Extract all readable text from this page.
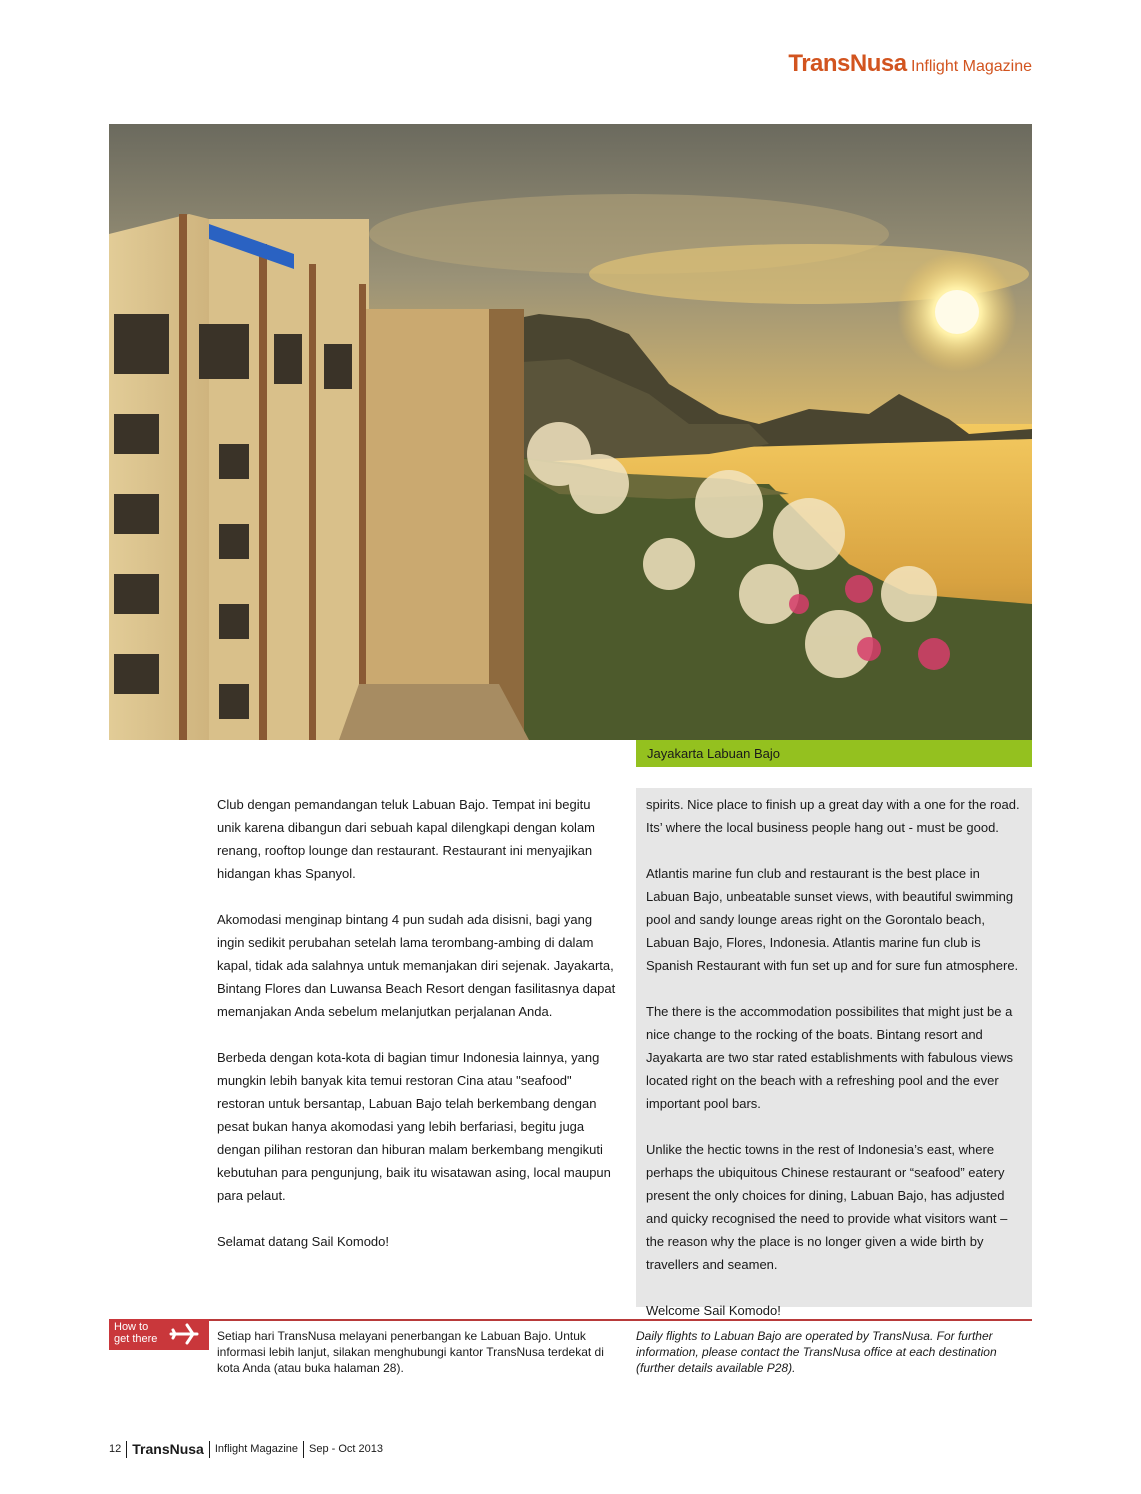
TransNusa Inflight Magazine
Jayakarta Labuan Bajo

Club dengan pemandangan teluk Labuan Bajo. Tempat ini begitu unik karena dibangun dari sebuah kapal dilengkapi dengan kolam renang, rooftop lounge dan restaurant. Restaurant ini menyajikan hidangan khas Spanyol.

Akomodasi menginap bintang 4 pun sudah ada disisni, bagi yang ingin sedikit perubahan setelah lama terombang-ambing di dalam kapal, tidak ada salahnya untuk memanjakan diri sejenak. Jayakarta, Bintang Flores dan Luwansa Beach Resort dengan fasilitasnya dapat memanjakan Anda sebelum melanjutkan perjalanan Anda.

Berbeda dengan kota-kota di bagian timur Indonesia lainnya, yang mungkin lebih banyak kita temui restoran Cina atau "seafood" restoran untuk bersantap, Labuan Bajo telah berkembang dengan pesat bukan hanya akomodasi yang lebih berfariasi, begitu juga dengan pilihan restoran dan hiburan malam berkembang mengikuti kebutuhan para pengunjung, baik itu wisatawan asing, local maupun para pelaut.

Selamat datang Sail Komodo!

spirits. Nice place to finish up a great day with a one for the road. Its’ where the local business people hang out - must be good.

Atlantis marine fun club and restaurant is the best place in Labuan Bajo, unbeatable sunset views, with beautiful swimming pool and sandy lounge areas right on the Gorontalo beach, Labuan Bajo, Flores, Indonesia. Atlantis marine fun club is Spanish Restaurant with fun set up and for sure fun atmosphere.

The there is the accommodation possibilites that might just be a nice change to the rocking of the boats. Bintang resort and Jayakarta are two star rated establishments with fabulous views located right on the beach with a refreshing pool and the ever important pool bars.

Unlike the hectic towns in the rest of Indonesia’s east, where perhaps the ubiquitous Chinese restaurant or “seafood” eatery present the only choices for dining, Labuan Bajo, has adjusted and quicky recognised the need to provide what visitors want – the reason why the place is no longer given a wide birth by travellers and seamen.

Welcome Sail Komodo!

How to
get there	Setiap hari TransNusa melayani penerbangan ke Labuan Bajo. Untuk informasi lebih lanjut, silakan menghubungi kantor TransNusa terdekat di kota Anda (atau buka halaman 28).
Daily flights to Labuan Bajo are operated by TransNusa. For further information, please contact the TransNusa office at each destination (further details available P28).
12 TransNusa Inflight Magazine Sep - Oct 2013
